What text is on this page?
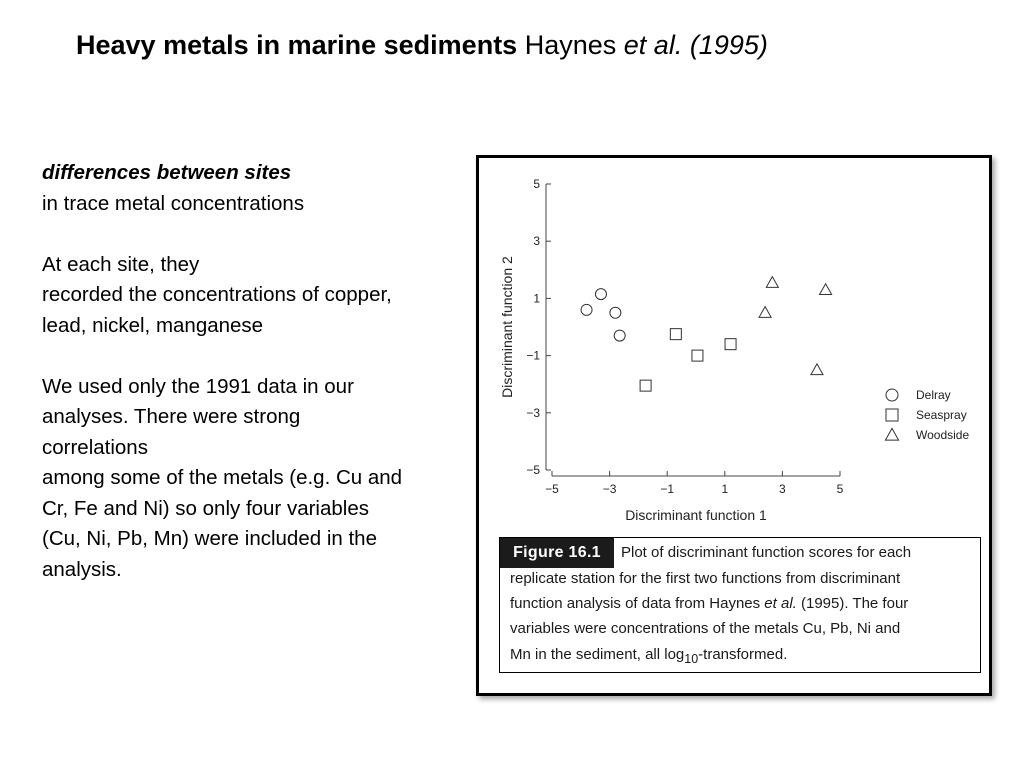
Heavy metals in marine sediments Haynes et al. (1995)
differences between sites
in trace metal concentrations
At each site, they
recorded the concentrations of copper,
lead, nickel, manganese
We used only the 1991 data in our
analyses. There were strong
correlations
among some of the metals (e.g. Cu and
Cr, Fe and Ni) so only four variables
(Cu, Ni, Pb, Mn) were included in the
analysis.
−5	−3	−1	1	3	5
5
3
1
−1
−3
−5
Discriminant function 1
Discriminant function 2	Delray
Seaspray
Woodside
Figure 16.1	Plot of discriminant function scores for each
replicate station for the first two functions from discriminant
function analysis of data from Haynes et al. (1995). The four
variables were concentrations of the metals Cu, Pb, Ni and
Mn in the sediment, all $\log_{10}$-transformed.
